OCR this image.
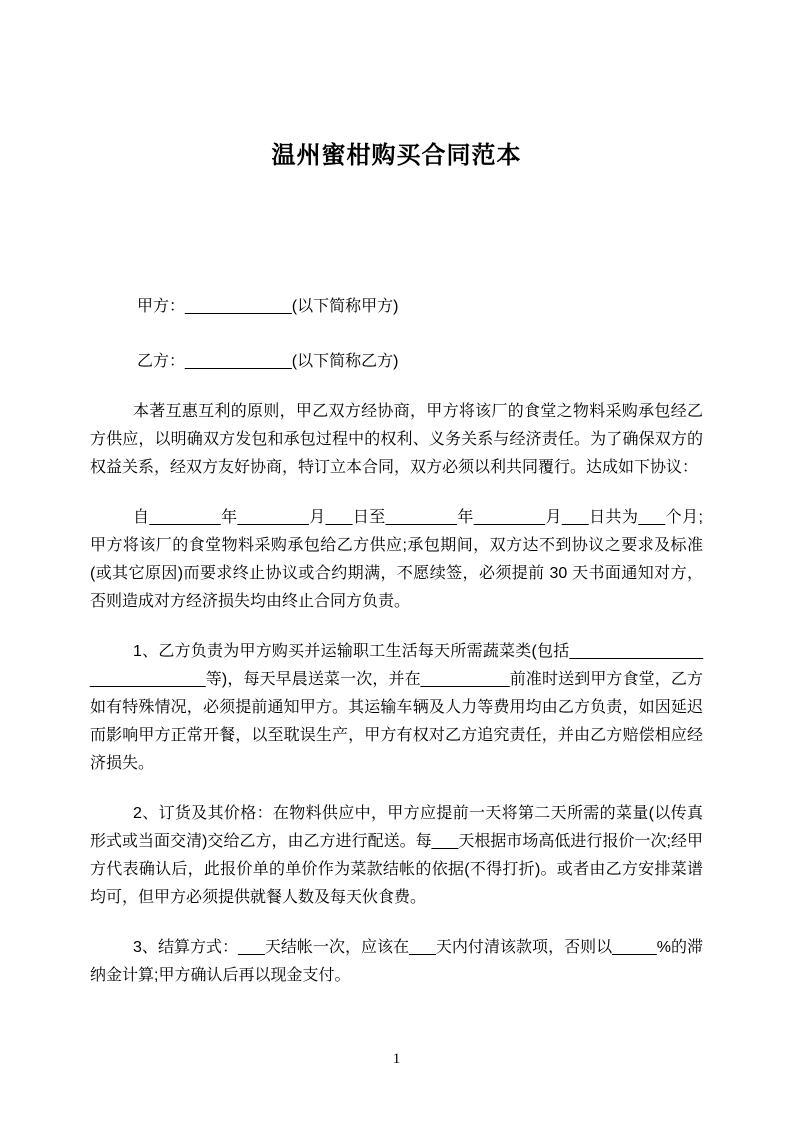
温州蜜柑购买合同范本
甲方：____________(以下简称甲方)
乙方：____________(以下简称乙方)

本著互惠互利的原则，甲乙双方经协商，甲方将该厂的食堂之物料采购承包经乙方供应，以明确双方发包和承包过程中的权利、义务关系与经济责任。为了确保双方的权益关系，经双方友好协商，特订立本合同，双方必须以利共同覆行。达成如下协议：

自________年________月___日至________年________月___日共为___个月;甲方将该厂的食堂物料采购承包给乙方供应;承包期间，双方达不到协议之要求及标准(或其它原因)而要求终止协议或合约期满，不愿续签，必须提前 30 天书面通知对方，否则造成对方经济损失均由终止合同方负责。

1、乙方负责为甲方购买并运输职工生活每天所需蔬菜类(包括____________________________等)，每天早晨送菜一次，并在__________前准时送到甲方食堂，乙方如有特殊情况，必须提前通知甲方。其运输车辆及人力等费用均由乙方负责，如因延迟而影响甲方正常开餐，以至耽误生产，甲方有权对乙方追究责任，并由乙方赔偿相应经济损失。

2、订货及其价格：在物料供应中，甲方应提前一天将第二天所需的菜量(以传真形式或当面交清)交给乙方，由乙方进行配送。每___天根据市场高低进行报价一次;经甲方代表确认后，此报价单的单价作为菜款结帐的依据(不得打折)。或者由乙方安排菜谱均可，但甲方必须提供就餐人数及每天伙食费。

3、结算方式：___天结帐一次，应该在___天内付清该款项，否则以_____%的滞纳金计算;甲方确认后再以现金支付。

1
